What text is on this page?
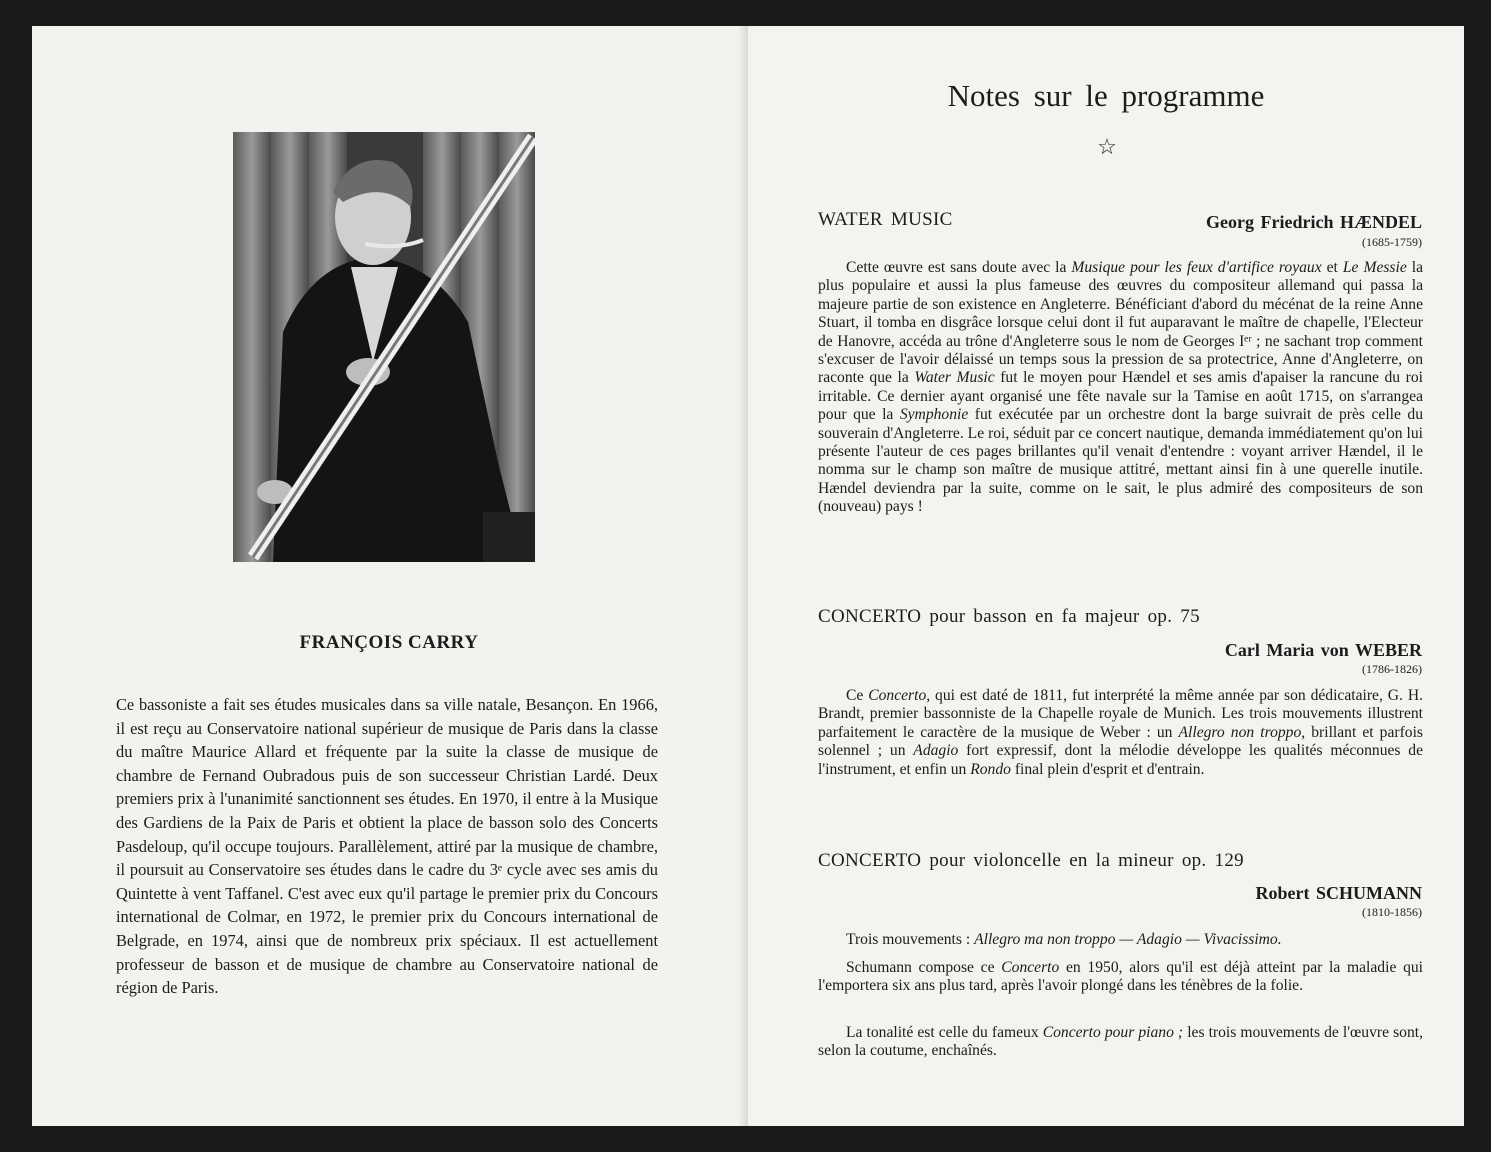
FRANÇOIS CARRY

Ce bassoniste a fait ses études musicales dans sa ville natale, Besançon. En 1966, il est reçu au Conservatoire national supérieur de musique de Paris dans la classe du maître Maurice Allard et fréquente par la suite la classe de musique de chambre de Fernand Oubradous puis de son successeur Christian Lardé. Deux premiers prix à l'unanimité sanctionnent ses études. En 1970, il entre à la Musique des Gardiens de la Paix de Paris et obtient la place de basson solo des Concerts Pasdeloup, qu'il occupe toujours. Parallèlement, attiré par la musique de chambre, il poursuit au Conservatoire ses études dans le cadre du 3ᵉ cycle avec ses amis du Quintette à vent Taffanel. C'est avec eux qu'il partage le premier prix du Concours international de Colmar, en 1972, le premier prix du Concours international de Belgrade, en 1974, ainsi que de nombreux prix spéciaux. Il est actuellement professeur de basson et de musique de chambre au Conservatoire national de région de Paris.

Notes sur le programme
☆
WATER MUSIC	Georg Friedrich HÆNDEL
(1685-1759)

Cette œuvre est sans doute avec la Musique pour les feux d'artifice royaux et Le Messie la plus populaire et aussi la plus fameuse des œuvres du compositeur allemand qui passa la majeure partie de son existence en Angleterre. Bénéficiant d'abord du mécénat de la reine Anne Stuart, il tomba en disgrâce lorsque celui dont il fut auparavant le maître de chapelle, l'Electeur de Hanovre, accéda au trône d'Angleterre sous le nom de Georges Iᵉʳ ; ne sachant trop comment s'excuser de l'avoir délaissé un temps sous la pression de sa protectrice, Anne d'Angleterre, on raconte que la Water Music fut le moyen pour Hændel et ses amis d'apaiser la rancune du roi irritable. Ce dernier ayant organisé une fête navale sur la Tamise en août 1715, on s'arrangea pour que la Symphonie fut exécutée par un orchestre dont la barge suivrait de près celle du souverain d'Angleterre. Le roi, séduit par ce concert nautique, demanda immédiatement qu'on lui présente l'auteur de ces pages brillantes qu'il venait d'entendre : voyant arriver Hændel, il le nomma sur le champ son maître de musique attitré, mettant ainsi fin à une querelle inutile. Hændel deviendra par la suite, comme on le sait, le plus admiré des compositeurs de son (nouveau) pays !

CONCERTO pour basson en fa majeur op. 75
Carl Maria von WEBER
(1786-1826)

Ce Concerto, qui est daté de 1811, fut interprété la même année par son dédicataire, G. H. Brandt, premier bassonniste de la Chapelle royale de Munich. Les trois mouvements illustrent parfaitement le caractère de la musique de Weber : un Allegro non troppo, brillant et parfois solennel ; un Adagio fort expressif, dont la mélodie développe les qualités méconnues de l'instrument, et enfin un Rondo final plein d'esprit et d'entrain.

CONCERTO pour violoncelle en la mineur op. 129
Robert SCHUMANN
(1810-1856)

Trois mouvements : Allegro ma non troppo — Adagio — Vivacissimo.

Schumann compose ce Concerto en 1950, alors qu'il est déjà atteint par la maladie qui l'emportera six ans plus tard, après l'avoir plongé dans les ténèbres de la folie.

La tonalité est celle du fameux Concerto pour piano ; les trois mouvements de l'œuvre sont, selon la coutume, enchaînés.
